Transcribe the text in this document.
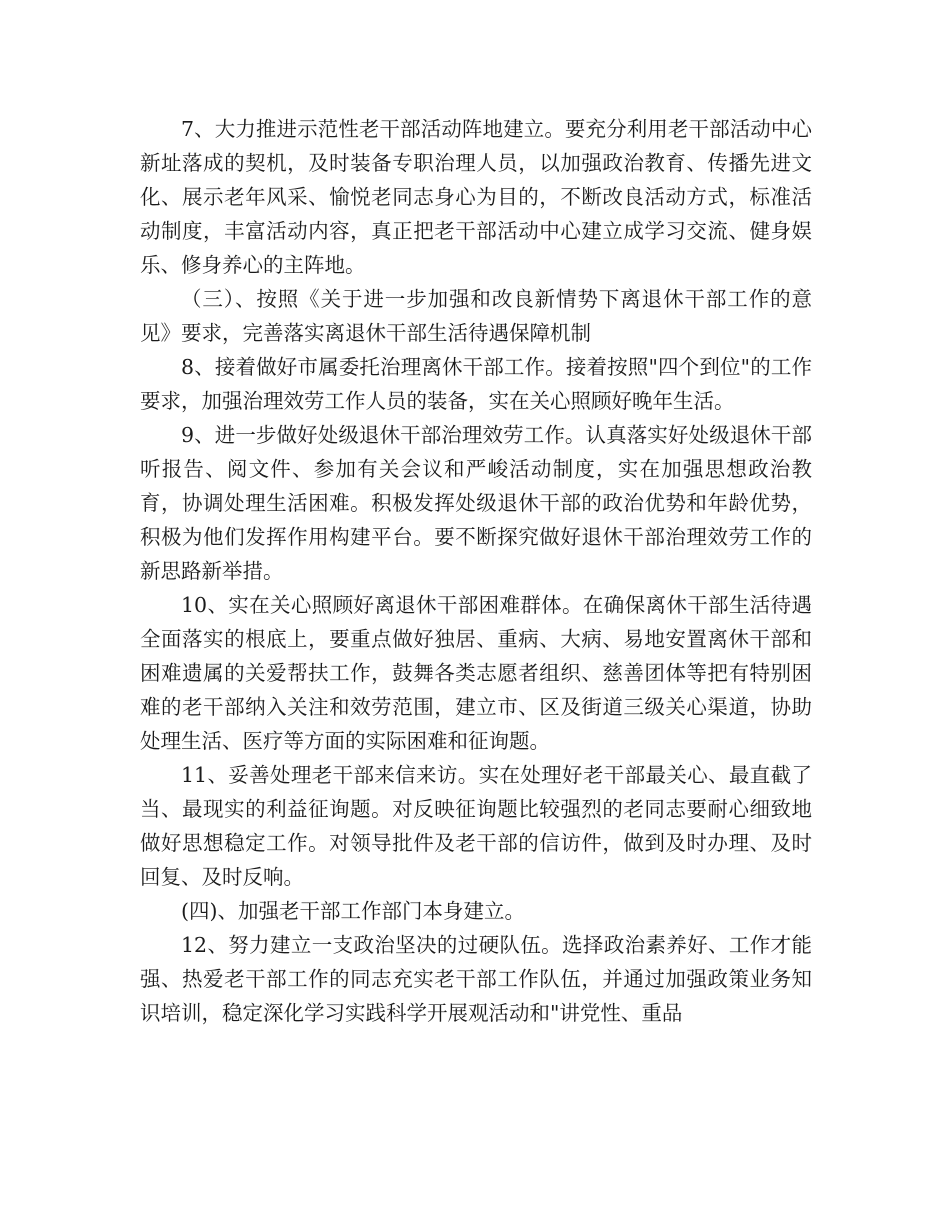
7、大力推进示范性老干部活动阵地建立。要充分利用老干部活动中心新址落成的契机，及时装备专职治理人员，以加强政治教育、传播先进文化、展示老年风采、愉悦老同志身心为目的，不断改良活动方式，标准活动制度，丰富活动内容，真正把老干部活动中心建立成学习交流、健身娱乐、修身养心的主阵地。

（三）、按照《关于进一步加强和改良新情势下离退休干部工作的意见》要求，完善落实离退休干部生活待遇保障机制

8、接着做好市属委托治理离休干部工作。接着按照"四个到位"的工作要求，加强治理效劳工作人员的装备，实在关心照顾好晚年生活。

9、进一步做好处级退休干部治理效劳工作。认真落实好处级退休干部听报告、阅文件、参加有关会议和严峻活动制度，实在加强思想政治教育，协调处理生活困难。积极发挥处级退休干部的政治优势和年龄优势，积极为他们发挥作用构建平台。要不断探究做好退休干部治理效劳工作的新思路新举措。

10、实在关心照顾好离退休干部困难群体。在确保离休干部生活待遇全面落实的根底上，要重点做好独居、重病、大病、易地安置离休干部和困难遗属的关爱帮扶工作，鼓舞各类志愿者组织、慈善团体等把有特别困难的老干部纳入关注和效劳范围，建立市、区及街道三级关心渠道，协助处理生活、医疗等方面的实际困难和征询题。

11、妥善处理老干部来信来访。实在处理好老干部最关心、最直截了当、最现实的利益征询题。对反映征询题比较强烈的老同志要耐心细致地做好思想稳定工作。对领导批件及老干部的信访件，做到及时办理、及时回复、及时反响。

(四)、加强老干部工作部门本身建立。

12、努力建立一支政治坚决的过硬队伍。选择政治素养好、工作才能强、热爱老干部工作的同志充实老干部工作队伍，并通过加强政策业务知识培训，稳定深化学习实践科学开展观活动和"讲党性、重品
